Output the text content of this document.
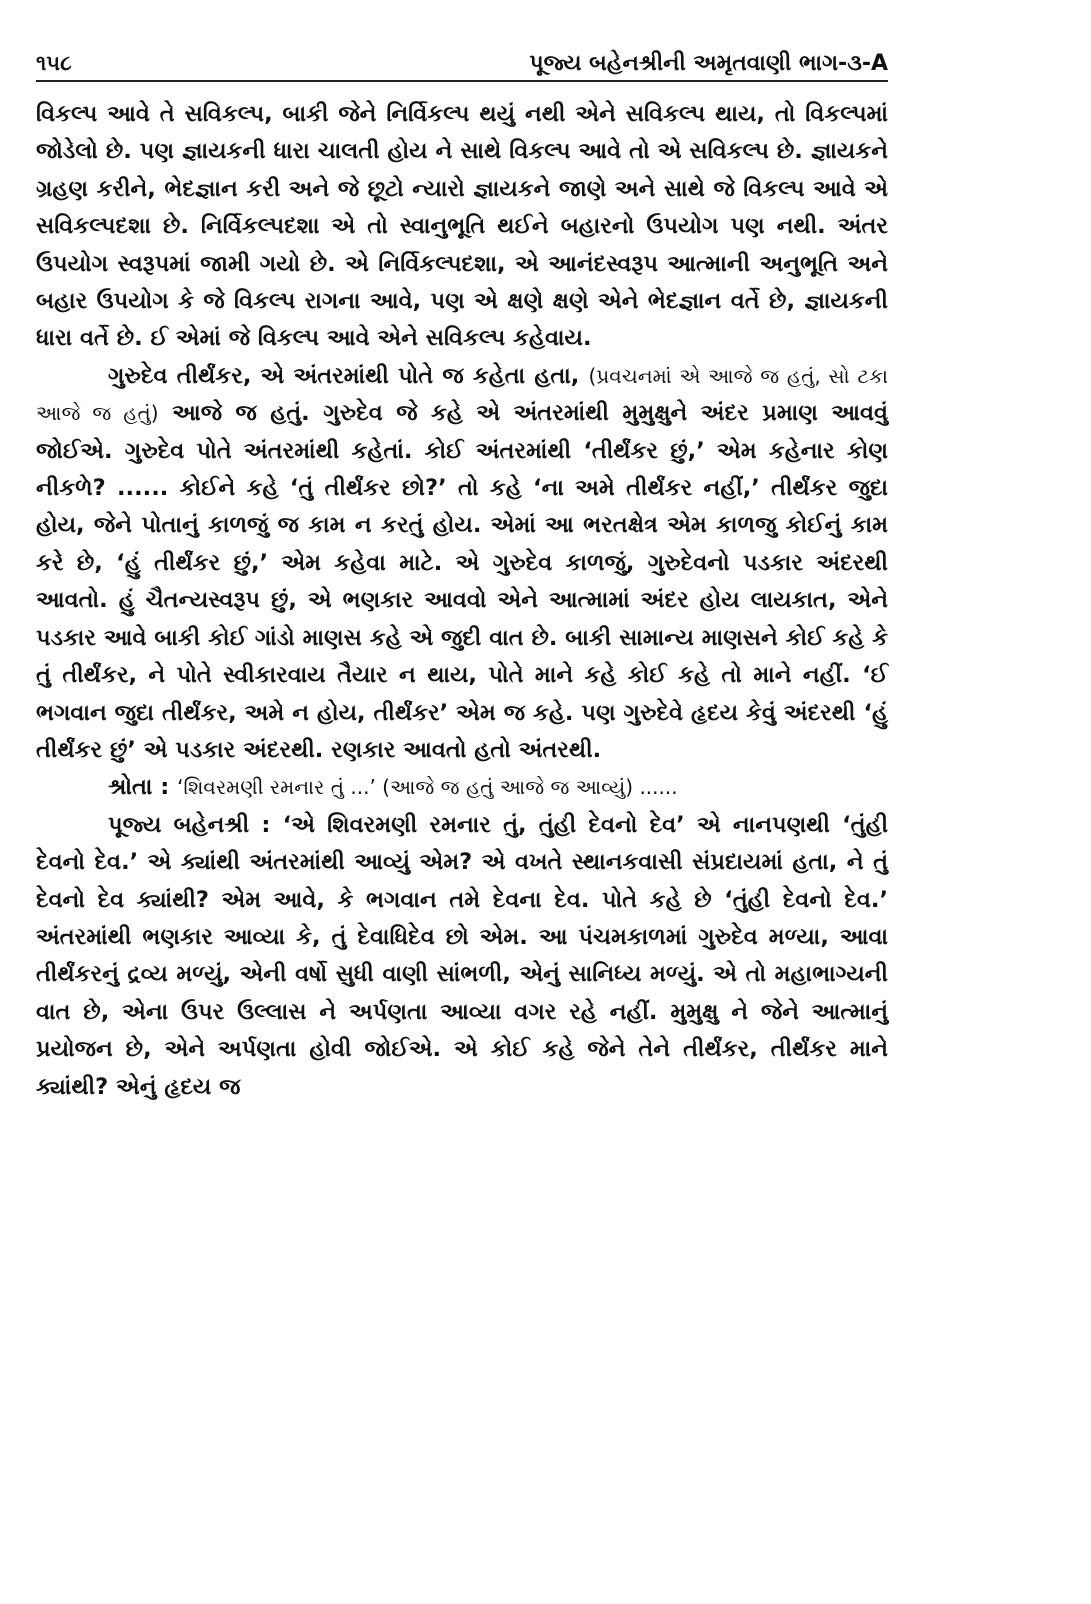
૧૫૮	પૂજ્ય બહેનશ્રીની અમૃતવાણી ભાગ-૩-A

વિકલ્પ આવે તે સવિકલ્પ, બાકી જેને નિર્વિકલ્પ થયું નથી એને સવિકલ્પ થાય, તો વિકલ્પમાં જોડેલો છે. પણ જ્ઞાયકની ધારા ચાલતી હોય ને સાથે વિકલ્પ આવે તો એ સવિકલ્પ છે. જ્ઞાયકને ગ્રહણ કરીને, ભેદજ્ઞાન કરી અને જે છૂટો ન્યારો જ્ઞાયકને જાણે અને સાથે જે વિકલ્પ આવે એ સવિકલ્પદશા છે. નિર્વિકલ્પદશા એ તો સ્વાનુભૂતિ થઈને બહારનો ઉપયોગ પણ નથી. અંતર ઉપયોગ સ્વરૂપમાં જામી ગયો છે. એ નિર્વિકલ્પદશા, એ આનંદસ્વરૂપ આત્માની અનુભૂતિ અને બહાર ઉપયોગ કે જે વિકલ્પ રાગના આવે, પણ એ ક્ષણે ક્ષણે એને ભેદજ્ઞાન વર્તે છે, જ્ઞાયકની ધારા વર્તે છે. ઈ એમાં જે વિકલ્પ આવે એને સવિકલ્પ કહેવાય.

ગુરુદેવ તીર્થંકર, એ અંતરમાંથી પોતે જ કહેતા હતા, (પ્રવચનમાં એ આજે જ હતું, સો ટકા આજે જ હતું) આજે જ હતું. ગુરુદેવ જે કહે એ અંતરમાંથી મુમુક્ષુને અંદર પ્રમાણ આવવું જોઈએ. ગુરુદેવ પોતે અંતરમાંથી કહેતાં. કોઈ અંતરમાંથી ‘તીર્થંકર છું,’ એમ કહેનાર કોણ નીકળે? ...... કોઈને કહે ‘તું તીર્થંકર છો?’ તો કહે ‘ના અમે તીર્થંકર નહીં,’ તીર્થંકર જુદા હોય, જેને પોતાનું કાળજું જ કામ ન કરતું હોય. એમાં આ ભરતક્ષેત્ર એમ કાળજુ કોઈનું કામ કરે છે, ‘હું તીર્થંકર છું,’ એમ કહેવા માટે. એ ગુરુદેવ કાળજું, ગુરુદેવનો પડકાર અંદરથી આવતો. હું ચૈતન્યસ્વરૂપ છું, એ ભણકાર આવવો એને આત્મામાં અંદર હોય લાયકાત, એને પડકાર આવે બાકી કોઈ ગાંડો માણસ કહે એ જુદી વાત છે. બાકી સામાન્ય માણસને કોઈ કહે કે તું તીર્થંકર, ને પોતે સ્વીકારવાય તૈયાર ન થાય, પોતે માને કહે કોઈ કહે તો માને નહીં. ‘ઈ ભગવાન જુદા તીર્થંકર, અમે ન હોય, તીર્થંકર’ એમ જ કહે. પણ ગુરુદેવે હૃદય કેવું અંદરથી ‘હું તીર્થંકર છું’ એ પડકાર અંદરથી. રણકાર આવતો હતો અંતરથી.

શ્રોતા : ‘શિવરમણી રમનાર તું ...’ (આજે જ હતું આજે જ આવ્યું) ......

પૂજ્ય બહેનશ્રી : ‘એ શિવરમણી રમનાર તું, તુંહી દેવનો દેવ’ એ નાનપણથી ‘તુંહી દેવનો દેવ.’ એ ક્યાંથી અંતરમાંથી આવ્યું એમ? એ વખતે સ્થાનકવાસી સંપ્રદાયમાં હતા, ને તું દેવનો દેવ ક્યાંથી? એમ આવે, કે ભગવાન તમે દેવના દેવ. પોતે કહે છે ‘તુંહી દેવનો દેવ.’ અંતરમાંથી ભણકાર આવ્યા કે, તું દેવાધિદેવ છો એમ. આ પંચમકાળમાં ગુરુદેવ મળ્યા, આવા તીર્થંકરનું દ્રવ્ય મળ્યું, એની વર્ષો સુધી વાણી સાંભળી, એનું સાનિધ્ય મળ્યું. એ તો મહાભાગ્યની વાત છે, એના ઉપર ઉલ્લાસ ને અર્પણતા આવ્યા વગર રહે નહીં. મુમુક્ષુ ને જેને આત્માનું પ્રયોજન છે, એને અર્પણતા હોવી જોઈએ. એ કોઈ કહે જેને તેને તીર્થંકર, તીર્થંકર માને ક્યાંથી? એનું હૃદય જ
